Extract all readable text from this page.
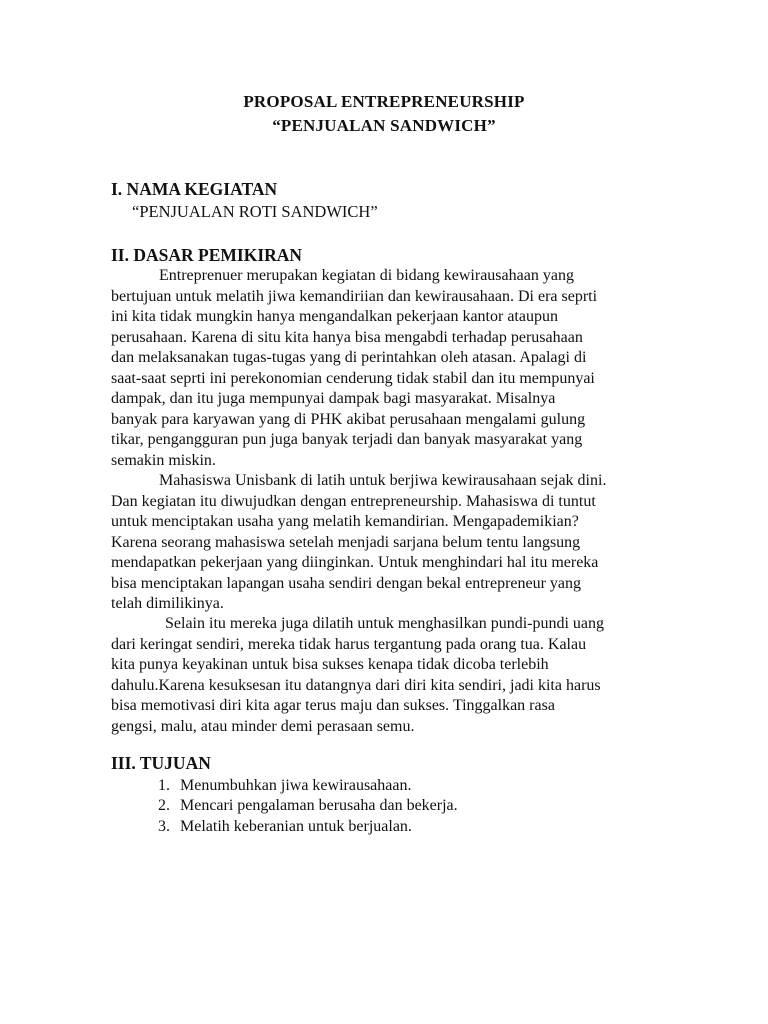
PROPOSAL ENTREPRENEURSHIP
“PENJUALAN SANDWICH”
I. NAMA KEGIATAN
“PENJUALAN ROTI SANDWICH”
II. DASAR PEMIKIRAN
Entreprenuer merupakan kegiatan di bidang kewirausahaan yang
bertujuan untuk melatih jiwa kemandiriian dan kewirausahaan. Di era seprti
ini kita tidak mungkin hanya mengandalkan pekerjaan kantor ataupun
perusahaan. Karena di situ kita hanya bisa mengabdi terhadap perusahaan
dan melaksanakan tugas-tugas yang di perintahkan oleh atasan. Apalagi di
saat-saat seprti ini perekonomian cenderung tidak stabil dan itu mempunyai
dampak, dan itu juga mempunyai dampak bagi masyarakat. Misalnya
banyak para karyawan yang di PHK akibat perusahaan mengalami gulung
tikar, pengangguran pun juga banyak terjadi dan banyak masyarakat yang
semakin miskin.
Mahasiswa Unisbank di latih untuk berjiwa kewirausahaan sejak dini.
Dan kegiatan itu diwujudkan dengan entrepreneurship. Mahasiswa di tuntut
untuk menciptakan usaha yang melatih kemandirian. Mengapademikian?
Karena seorang mahasiswa setelah menjadi sarjana belum tentu langsung
mendapatkan pekerjaan yang diinginkan. Untuk menghindari hal itu mereka
bisa menciptakan lapangan usaha sendiri dengan bekal entrepreneur yang
telah dimilikinya.
Selain itu mereka juga dilatih untuk menghasilkan pundi-pundi uang
dari keringat sendiri, mereka tidak harus tergantung pada orang tua. Kalau
kita punya keyakinan untuk bisa sukses kenapa tidak dicoba terlebih
dahulu.Karena kesuksesan itu datangnya dari diri kita sendiri, jadi kita harus
bisa memotivasi diri kita agar terus maju dan sukses. Tinggalkan rasa
gengsi, malu, atau minder demi perasaan semu.
III. TUJUAN
1. Menumbuhkan jiwa kewirausahaan.
2. Mencari pengalaman berusaha dan bekerja.
3. Melatih keberanian untuk berjualan.
